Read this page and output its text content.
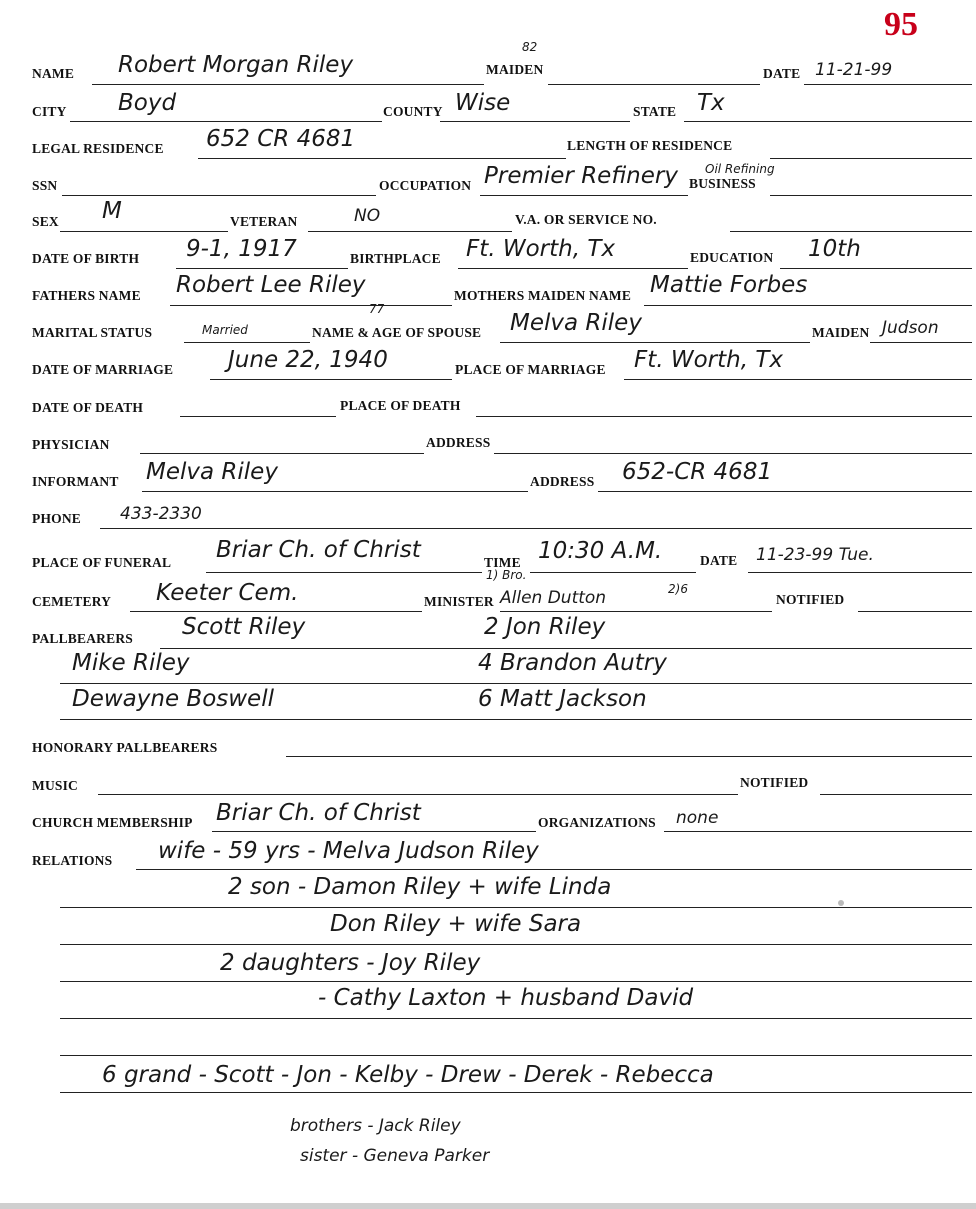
95
NAME Robert Morgan Riley
82
MAIDEN	DATE 11-21-99
CITY Boyd	COUNTY Wise	STATE Tx
LEGAL RESIDENCE 652 CR 4681	LENGTH OF RESIDENCE
SSN	OCCUPATION Premier Refinery BUSINESS
Oil Refining
SEX M	VETERAN	NO	V.A. OR SERVICE NO.
DATE OF BIRTH 9-1, 1917	BIRTHPLACE Ft. Worth, Tx	EDUCATION 10th
FATHERS NAME Robert Lee Riley	MOTHERS MAIDEN NAME Mattie Forbes
77
MARITAL STATUS	Married	NAME & AGE OF SPOUSE Melva Riley	MAIDEN Judson
DATE OF MARRIAGE June 22, 1940	PLACE OF MARRIAGE Ft. Worth, Tx
DATE OF DEATH	PLACE OF DEATH
PHYSICIAN	ADDRESS
INFORMANT Melva Riley	ADDRESS 652-CR 4681
PHONE 433-2330
PLACE OF FUNERAL Briar Ch. of Christ	TIME 10:30 A.M.	DATE 11-23-99 Tue.
1) Bro.
2)6
CEMETERY Keeter Cem.	MINISTER Allen Dutton	NOTIFIED
PALLBEARERS Scott Riley	2 Jon Riley
Mike Riley	4 Brandon Autry
Dewayne Boswell	6 Matt Jackson
HONORARY PALLBEARERS
MUSIC	NOTIFIED
CHURCH MEMBERSHIP Briar Ch. of Christ	ORGANIZATIONS none
RELATIONS wife - 59 yrs - Melva Judson Riley
2 son - Damon Riley + wife Linda
Don Riley + wife Sara
2 daughters - Joy Riley
- Cathy Laxton + husband David
6 grand - Scott - Jon - Kelby - Drew - Derek - Rebecca
brothers - Jack Riley
sister - Geneva Parker
